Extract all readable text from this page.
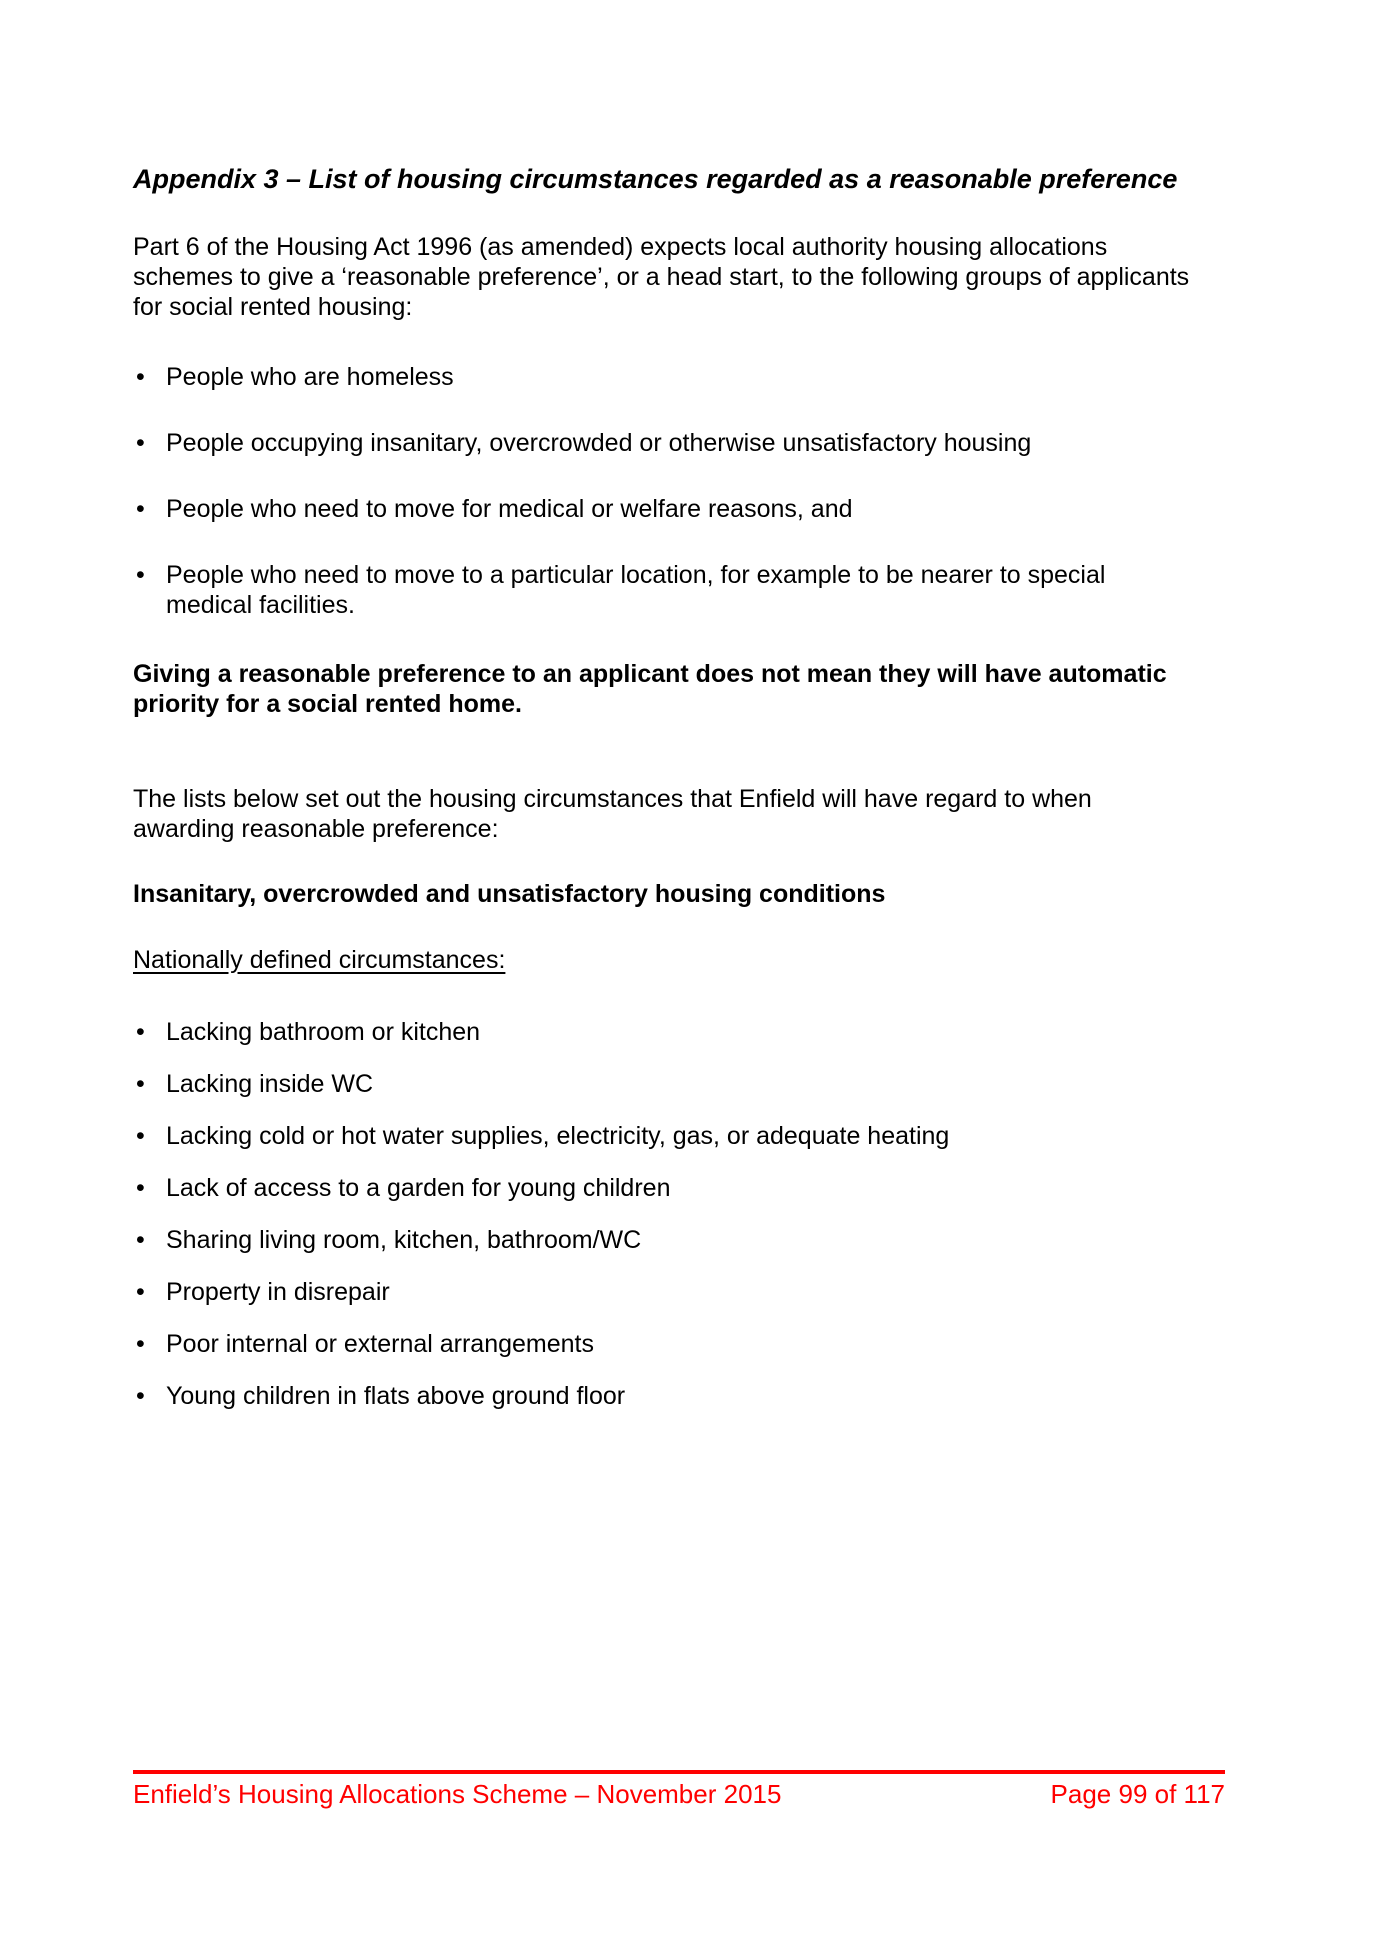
Appendix 3 – List of housing circumstances regarded as a reasonable preference

Part 6 of the Housing Act 1996 (as amended) expects local authority housing allocations schemes to give a ‘reasonable preference’, or a head start, to the following groups of applicants for social rented housing:

• People who are homeless
• People occupying insanitary, overcrowded or otherwise unsatisfactory housing
• People who need to move for medical or welfare reasons, and
• People who need to move to a particular location, for example to be nearer to special medical facilities.

Giving a reasonable preference to an applicant does not mean they will have automatic priority for a social rented home.

The lists below set out the housing circumstances that Enfield will have regard to when awarding reasonable preference:

Insanitary, overcrowded and unsatisfactory housing conditions
Nationally defined circumstances:
• Lacking bathroom or kitchen
• Lacking inside WC
• Lacking cold or hot water supplies, electricity, gas, or adequate heating
• Lack of access to a garden for young children
• Sharing living room, kitchen, bathroom/WC
• Property in disrepair
• Poor internal or external arrangements
• Young children in flats above ground floor
Enfield’s Housing Allocations Scheme – November 2015	Page 99 of 117
